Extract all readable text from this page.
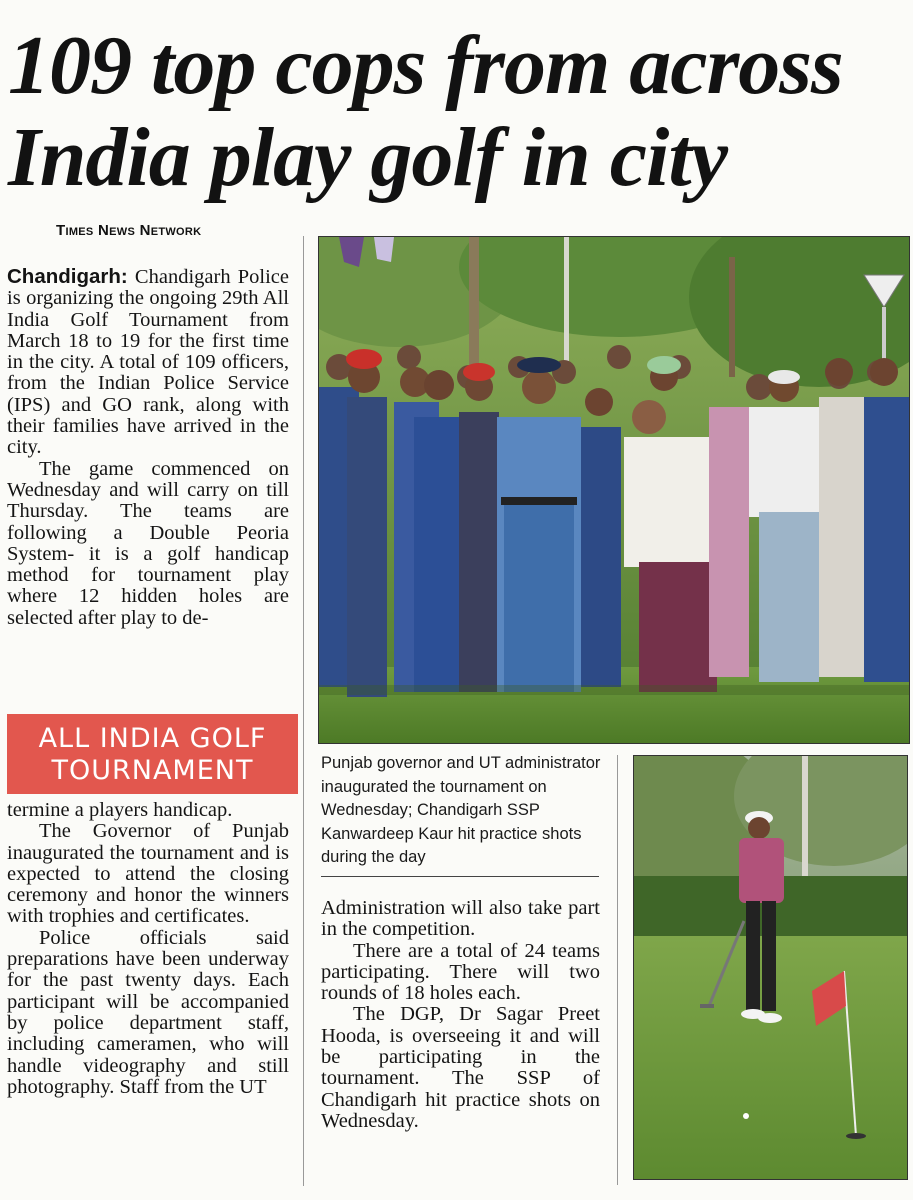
109 top cops from across
India play golf in city
Times News Network

Chandigarh: Chandigarh Police is organizing the ongoing 29th All India Golf Tournament from March 18 to 19 for the first time in the city. A total of 109 officers, from the Indian Police Service (IPS) and GO rank, along with their families have arrived in the city.

The game commenced on Wednesday and will carry on till Thursday. The teams are following a Double Peoria System- it is a golf handicap method for tournament play where 12 hidden holes are selected after play to de-

ALL INDIA GOLF
TOURNAMENT

termine a players handicap.

The Governor of Punjab inaugurated the tournament and is expected to attend the closing ceremony and honor the winners with trophies and certificates.

Police officials said preparations have been underway for the past twenty days. Each participant will be accompanied by police department staff, including cameramen, who will handle videography and still photography. Staff from the UT

Punjab governor and UT administrator inaugurated the tournament on Wednesday; Chandigarh SSP Kanwardeep Kaur hit practice shots during the day

Administration will also take part in the competition.

There are a total of 24 teams participating. There will two rounds of 18 holes each.

The DGP, Dr Sagar Preet Hooda, is overseeing it and will be participating in the tournament. The SSP of Chandigarh hit practice shots on Wednesday.
